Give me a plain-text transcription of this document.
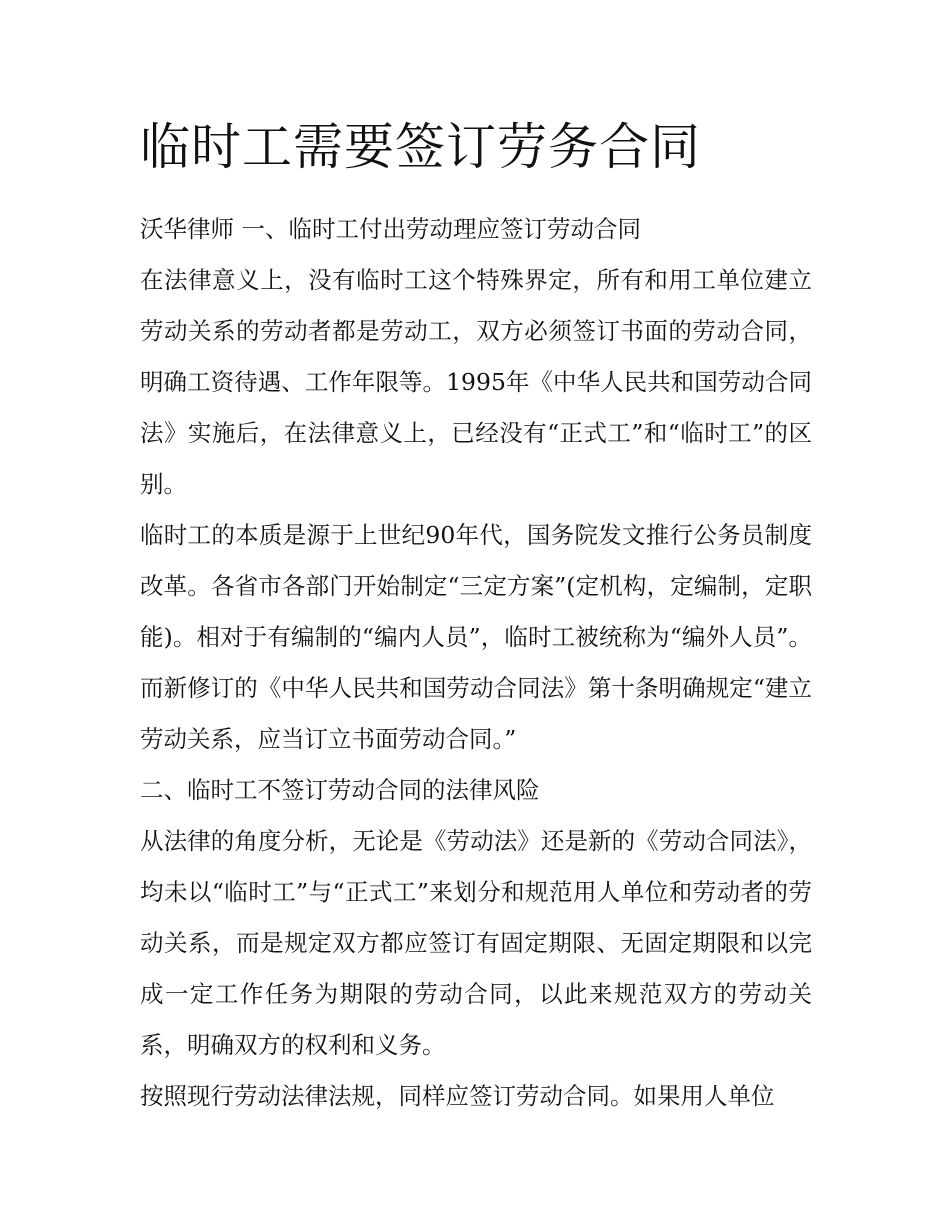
临时工需要签订劳务合同

沃华律师 一、临时工付出劳动理应签订劳动合同

在法律意义上，没有临时工这个特殊界定，所有和用工单位建立劳动关系的劳动者都是劳动工，双方必须签订书面的劳动合同，明确工资待遇、工作年限等。1995年《中华人民共和国劳动合同法》实施后，在法律意义上，已经没有“正式工”和“临时工”的区别。

临时工的本质是源于上世纪90年代，国务院发文推行公务员制度改革。各省市各部门开始制定“三定方案”(定机构，定编制，定职能)。相对于有编制的“编内人员”，临时工被统称为“编外人员”。而新修订的《中华人民共和国劳动合同法》第十条明确规定“建立劳动关系，应当订立书面劳动合同。”

二、临时工不签订劳动合同的法律风险

从法律的角度分析，无论是《劳动法》还是新的《劳动合同法》，均未以“临时工”与“正式工”来划分和规范用人单位和劳动者的劳动关系，而是规定双方都应签订有固定期限、无固定期限和以完成一定工作任务为期限的劳动合同，以此来规范双方的劳动关系，明确双方的权利和义务。

按照现行劳动法律法规，同样应签订劳动合同。如果用人单位
